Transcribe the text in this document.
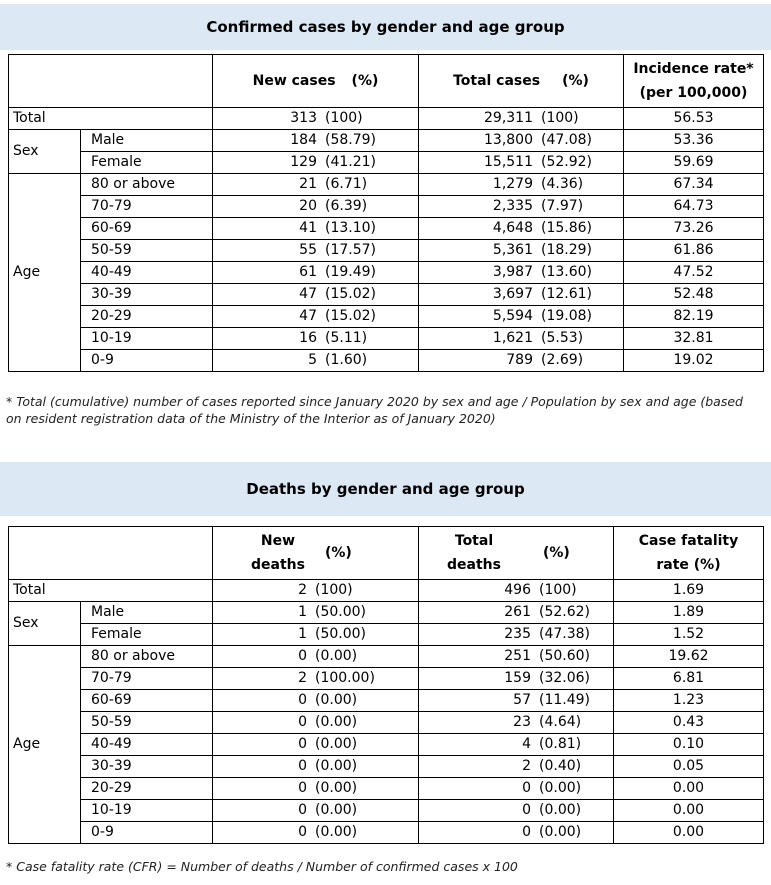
Confirmed cases by gender and age group

		New cases (%)	Total cases (%)	Incidence rate*
(per 100,000)

Total		313 (100)	29,311 (100)	56.53
Sex	Male	184 (58.79)	13,800 (47.08)	53.36
	Female	129 (41.21)	15,511 (52.92)	59.69
Age	80 or above	21 (6.71)	1,279 (4.36)	67.34
	70-79	20 (6.39)	2,335 (7.97)	64.73
	60-69	41 (13.10)	4,648 (15.86)	73.26
	50-59	55 (17.57)	5,361 (18.29)	61.86
	40-49	61 (19.49)	3,987 (13.60)	47.52
	30-39	47 (15.02)	3,697 (12.61)	52.48
	20-29	47 (15.02)	5,594 (19.08)	82.19
	10-19	16 (5.11)	1,621 (5.53)	32.81
	0-9	5 (1.60)	789 (2.69)	19.02
* Total (cumulative) number of cases reported since January 2020 by sex and age / Population by sex and age (based on resident registration data of the Ministry of the Interior as of January 2020)
Deaths by gender and age group

		New
deaths
(%)	Total
deaths
(%)	Case fatality
rate (%)

Total		2 (100)	496 (100)	1.69
Sex	Male	1 (50.00)	261 (52.62)	1.89
	Female	1 (50.00)	235 (47.38)	1.52
Age	80 or above	0 (0.00)	251 (50.60)	19.62
	70-79	2 (100.00)	159 (32.06)	6.81
	60-69	0 (0.00)	57 (11.49)	1.23
	50-59	0 (0.00)	23 (4.64)	0.43
	40-49	0 (0.00)	4 (0.81)	0.10
	30-39	0 (0.00)	2 (0.40)	0.05
	20-29	0 (0.00)	0 (0.00)	0.00
	10-19	0 (0.00)	0 (0.00)	0.00
	0-9	0 (0.00)	0 (0.00)	0.00
* Case fatality rate (CFR) = Number of deaths / Number of confirmed cases x 100
